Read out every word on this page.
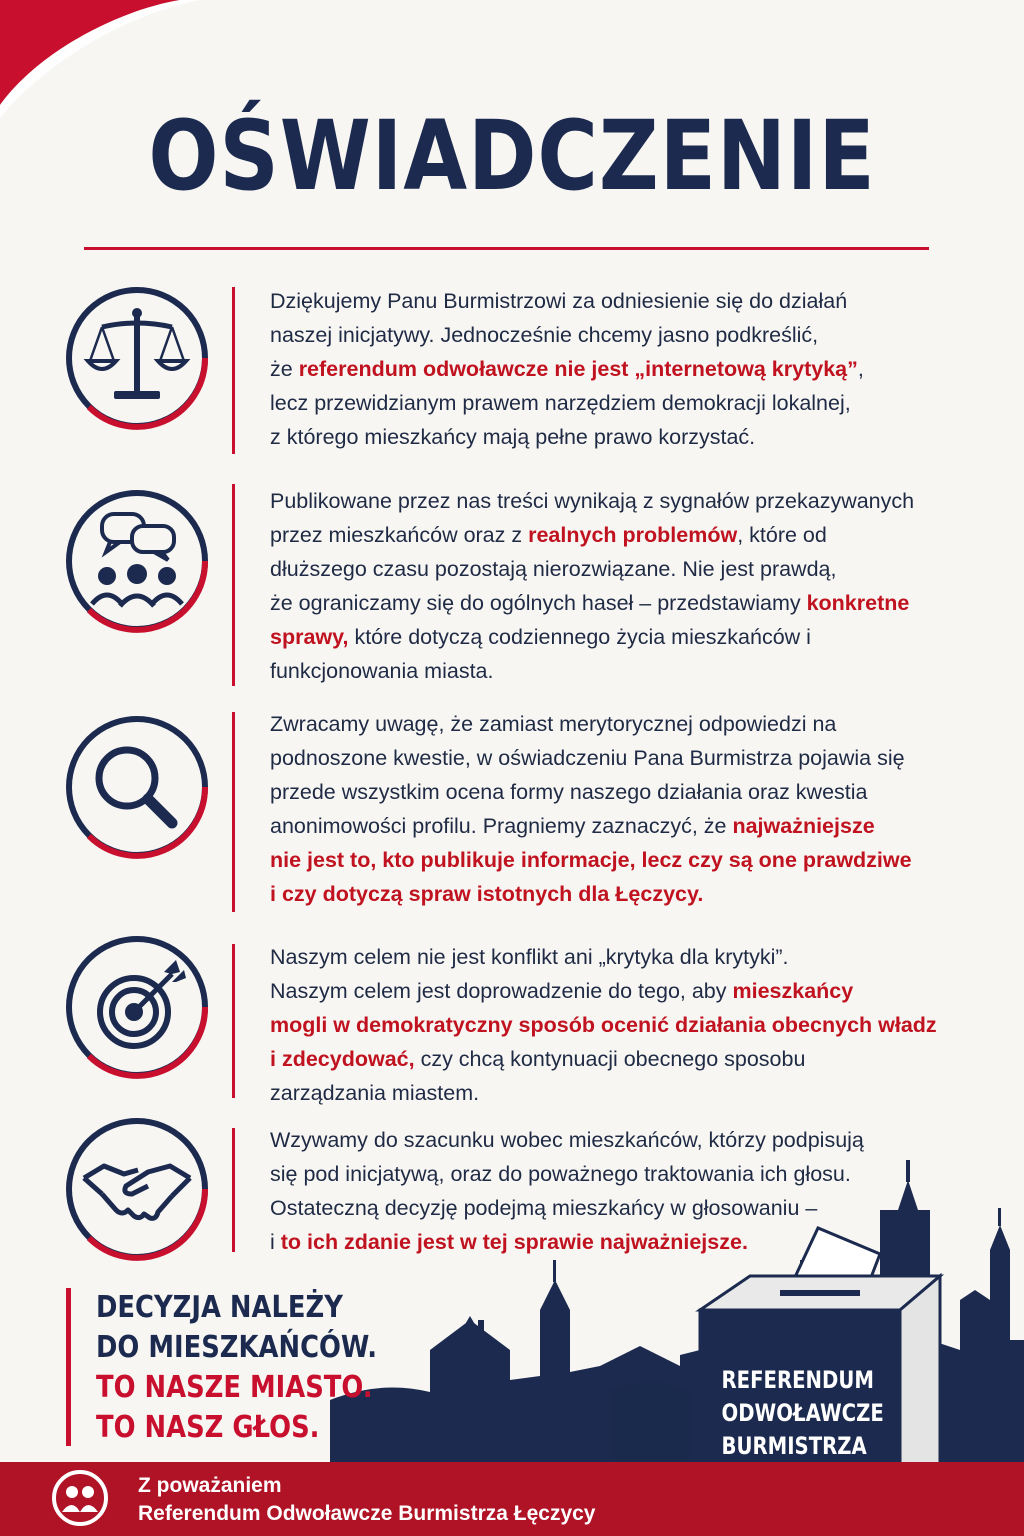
OŚWIADCZENIE
Dziękujemy Panu Burmistrzowi za odniesienie się do działań
naszej inicjatywy. Jednocześnie chcemy jasno podkreślić,
że referendum odwoławcze nie jest „internetową krytyką”,
lecz przewidzianym prawem narzędziem demokracji lokalnej,
z którego mieszkańcy mają pełne prawo korzystać.
Publikowane przez nas treści wynikają z sygnałów przekazywanych
przez mieszkańców oraz z realnych problemów, które od
dłuższego czasu pozostają nierozwiązane. Nie jest prawdą,
że ograniczamy się do ogólnych haseł – przedstawiamy konkretne
sprawy, które dotyczą codziennego życia mieszkańców i
funkcjonowania miasta.
Zwracamy uwagę, że zamiast merytorycznej odpowiedzi na
podnoszone kwestie, w oświadczeniu Pana Burmistrza pojawia się
przede wszystkim ocena formy naszego działania oraz kwestia
anonimowości profilu. Pragniemy zaznaczyć, że najważniejsze
nie jest to, kto publikuje informacje, lecz czy są one prawdziwe
i czy dotyczą spraw istotnych dla Łęczycy.
Naszym celem nie jest konflikt ani „krytyka dla krytyki”.
Naszym celem jest doprowadzenie do tego, aby mieszkańcy
mogli w demokratyczny sposób ocenić działania obecnych władz
i zdecydować, czy chcą kontynuacji obecnego sposobu
zarządzania miastem.
Wzywamy do szacunku wobec mieszkańców, którzy podpisują
się pod inicjatywą, oraz do poważnego traktowania ich głosu.
Ostateczną decyzję podejmą mieszkańcy w głosowaniu –
i to ich zdanie jest w tej sprawie najważniejsze.
REFERENDUM
ODWOŁAWCZE
BURMISTRZA
DECYZJA NALEŻY
DO MIESZKAŃCÓW.
TO NASZE MIASTO.
TO NASZ GŁOS.
Z poważaniem
Referendum Odwoławcze Burmistrza Łęczycy
